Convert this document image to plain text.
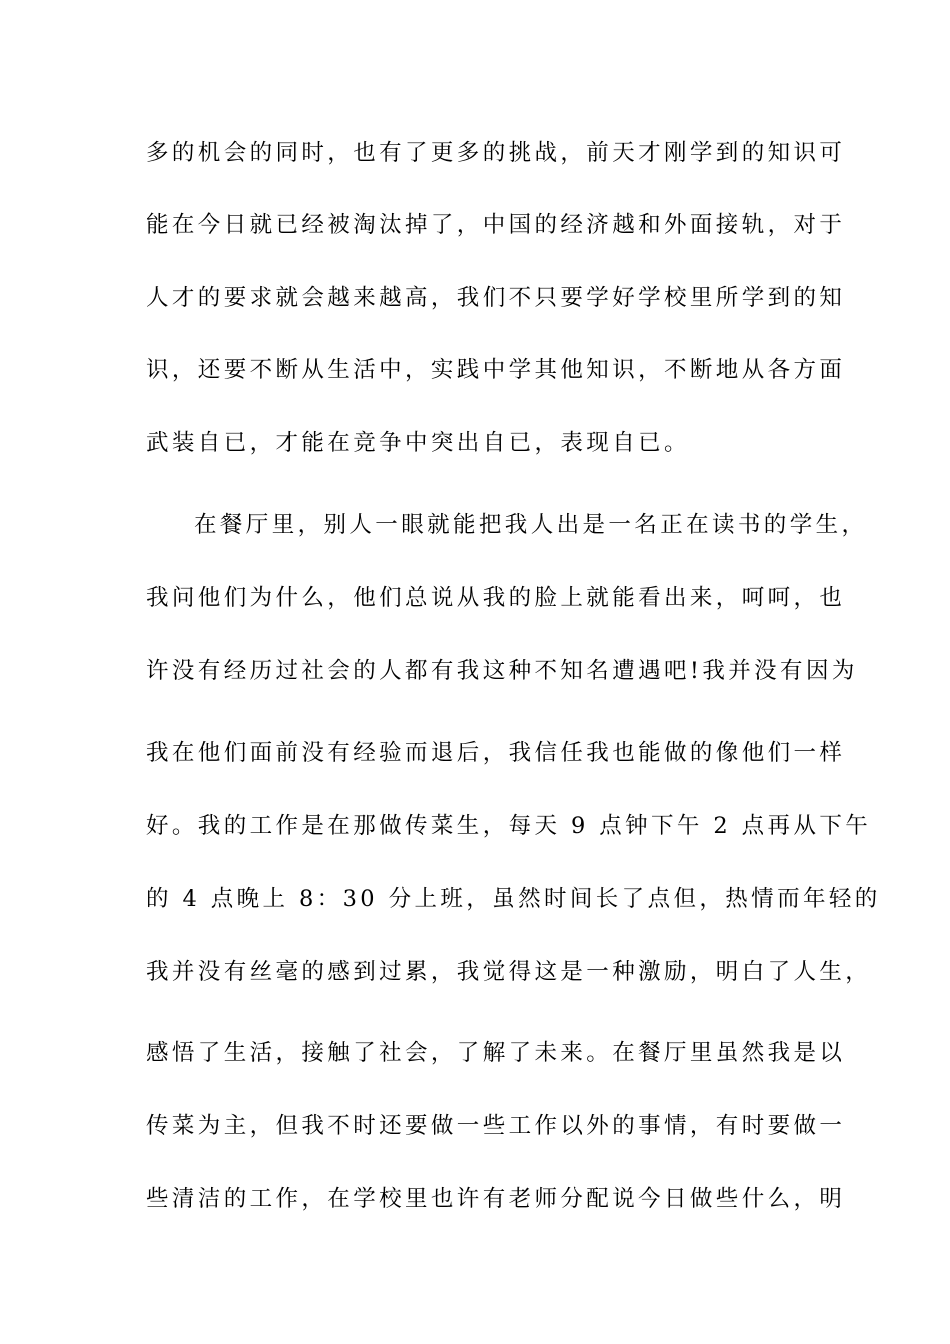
多的机会的同时，也有了更多的挑战，前天才刚学到的知识可
能在今日就已经被淘汰掉了，中国的经济越和外面接轨，对于
人才的要求就会越来越高，我们不只要学好学校里所学到的知
识，还要不断从生活中，实践中学其他知识，不断地从各方面
武装自已，才能在竞争中突出自已，表现自已。
在餐厅里，别人一眼就能把我人出是一名正在读书的学生，
我问他们为什么，他们总说从我的脸上就能看出来，呵呵，也
许没有经历过社会的人都有我这种不知名遭遇吧!我并没有因为
我在他们面前没有经验而退后，我信任我也能做的像他们一样
好。我的工作是在那做传菜生，每天 9 点钟下午 2 点再从下午
的 4 点晚上 8：30 分上班，虽然时间长了点但，热情而年轻的
我并没有丝毫的感到过累，我觉得这是一种激励，明白了人生，
感悟了生活，接触了社会，了解了未来。在餐厅里虽然我是以
传菜为主，但我不时还要做一些工作以外的事情，有时要做一
些清洁的工作，在学校里也许有老师分配说今日做些什么，明
